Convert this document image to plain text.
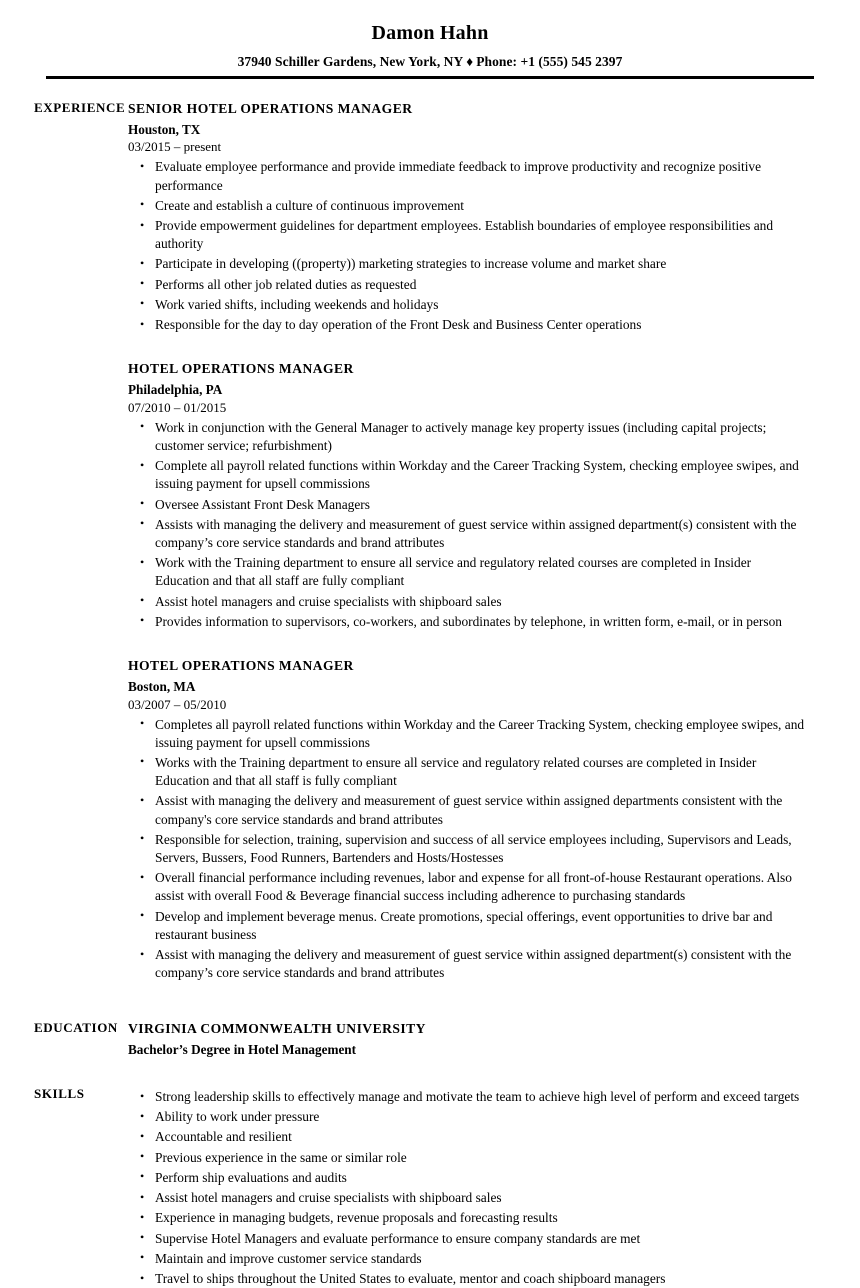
Damon Hahn
37940 Schiller Gardens, New York, NY ♦ Phone: +1 (555) 545 2397
EXPERIENCE SENIOR HOTEL OPERATIONS MANAGER
Houston, TX
03/2015 – present
• Evaluate employee performance and provide immediate feedback to improve productivity and recognize positive performance
• Create and establish a culture of continuous improvement
• Provide empowerment guidelines for department employees. Establish boundaries of employee responsibilities and authority
• Participate in developing ((property)) marketing strategies to increase volume and market share
• Performs all other job related duties as requested
• Work varied shifts, including weekends and holidays
• Responsible for the day to day operation of the Front Desk and Business Center operations
HOTEL OPERATIONS MANAGER
Philadelphia, PA
07/2010 – 01/2015
• Work in conjunction with the General Manager to actively manage key property issues (including capital projects; customer service; refurbishment)
• Complete all payroll related functions within Workday and the Career Tracking System, checking employee swipes, and issuing payment for upsell commissions
• Oversee Assistant Front Desk Managers
• Assists with managing the delivery and measurement of guest service within assigned department(s) consistent with the company’s core service standards and brand attributes
• Work with the Training department to ensure all service and regulatory related courses are completed in Insider Education and that all staff are fully compliant
• Assist hotel managers and cruise specialists with shipboard sales
• Provides information to supervisors, co-workers, and subordinates by telephone, in written form, e-mail, or in person
HOTEL OPERATIONS MANAGER
Boston, MA
03/2007 – 05/2010
• Completes all payroll related functions within Workday and the Career Tracking System, checking employee swipes, and issuing payment for upsell commissions
• Works with the Training department to ensure all service and regulatory related courses are completed in Insider Education and that all staff is fully compliant
• Assist with managing the delivery and measurement of guest service within assigned departments consistent with the company's core service standards and brand attributes
• Responsible for selection, training, supervision and success of all service employees including, Supervisors and Leads, Servers, Bussers, Food Runners, Bartenders and Hosts/Hostesses
• Overall financial performance including revenues, labor and expense for all front-of-house Restaurant operations. Also assist with overall Food & Beverage financial success including adherence to purchasing standards
• Develop and implement beverage menus. Create promotions, special offerings, event opportunities to drive bar and restaurant business
• Assist with managing the delivery and measurement of guest service within assigned department(s) consistent with the company’s core service standards and brand attributes
EDUCATION VIRGINIA COMMONWEALTH UNIVERSITY
Bachelor’s Degree in Hotel Management
SKILLS	• Strong leadership skills to effectively manage and motivate the team to achieve high level of perform and exceed targets
• Ability to work under pressure
• Accountable and resilient
• Previous experience in the same or similar role
• Perform ship evaluations and audits
• Assist hotel managers and cruise specialists with shipboard sales
• Experience in managing budgets, revenue proposals and forecasting results
• Supervise Hotel Managers and evaluate performance to ensure company standards are met
• Maintain and improve customer service standards
• Travel to ships throughout the United States to evaluate, mentor and coach shipboard managers
